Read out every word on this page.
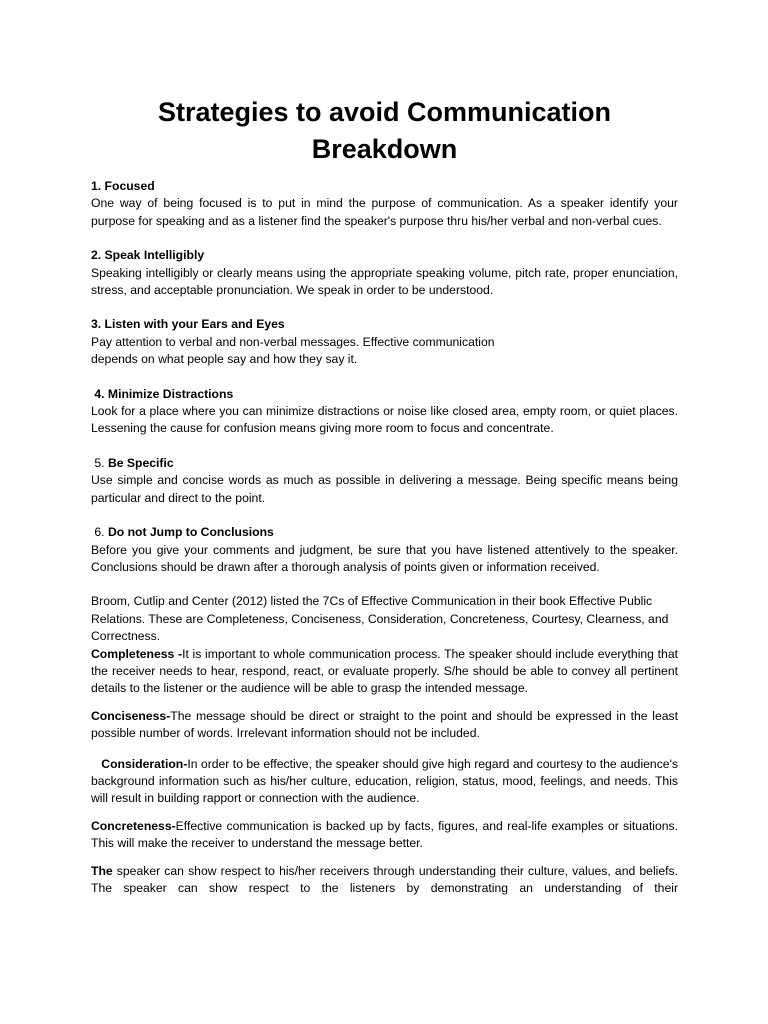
Strategies to avoid Communication
Breakdown
1. Focused

One way of being focused is to put in mind the purpose of communication. As a speaker identify your purpose for speaking and as a listener find the speaker's purpose thru his/her verbal and non-verbal cues.

2. Speak Intelligibly

Speaking intelligibly or clearly means using the appropriate speaking volume, pitch rate, proper enunciation, stress, and acceptable pronunciation. We speak in order to be understood.

3. Listen with your Ears and Eyes

Pay attention to verbal and non-verbal messages. Effective communication

depends on what people say and how they say it.

4. Minimize Distractions

Look for a place where you can minimize distractions or noise like closed area, empty room, or quiet places. Lessening the cause for confusion means giving more room to focus and concentrate.

5. Be Specific

Use simple and concise words as much as possible in delivering a message. Being specific means being particular and direct to the point.

6. Do not Jump to Conclusions

Before you give your comments and judgment, be sure that you have listened attentively to the speaker. Conclusions should be drawn after a thorough analysis of points given or information received.

Broom, Cutlip and Center (2012) listed the 7Cs of Effective Communication in their book Effective Public Relations. These are Completeness, Conciseness, Consideration, Concreteness, Courtesy, Clearness, and Correctness.

Completeness -It is important to whole communication process. The speaker should include everything that the receiver needs to hear, respond, react, or evaluate properly. S/he should be able to convey all pertinent details to the listener or the audience will be able to grasp the intended message.

Conciseness-The message should be direct or straight to the point and should be expressed in the least possible number of words. Irrelevant information should not be included.

Consideration-In order to be effective, the speaker should give high regard and courtesy to the audience's background information such as his/her culture, education, religion, status, mood, feelings, and needs. This will result in building rapport or connection with the audience.

Concreteness-Effective communication is backed up by facts, figures, and real-life examples or situations. This will make the receiver to understand the message better.

The speaker can show respect to his/her receivers through understanding their culture, values, and beliefs. The speaker can show respect to the listeners by demonstrating an understanding of their
